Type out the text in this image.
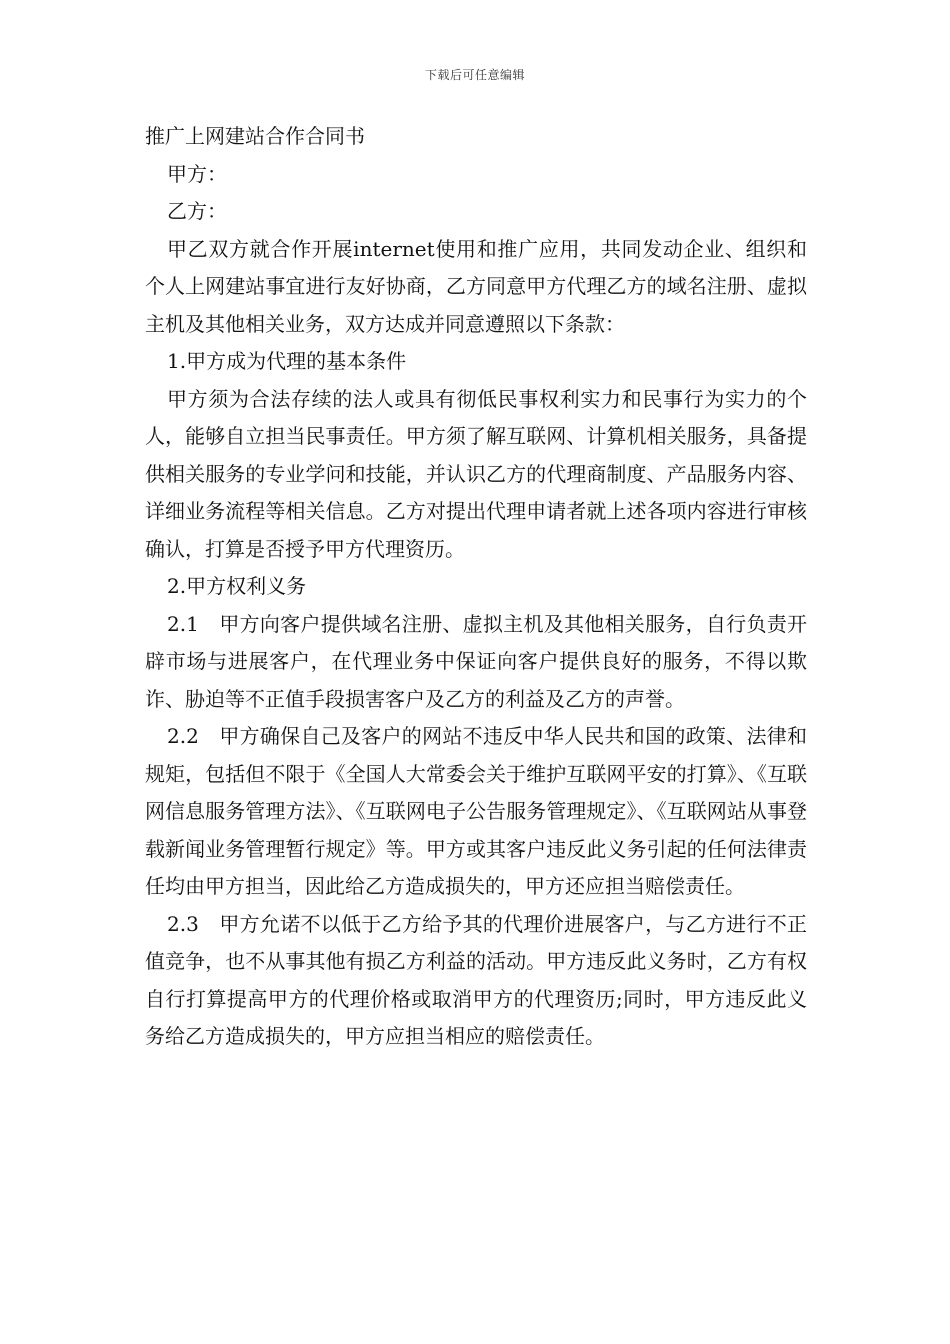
下载后可任意编辑

推广上网建站合作合同书

甲方：

乙方：

甲乙双方就合作开展internet使用和推广应用，共同发动企业、组织和个人上网建站事宜进行友好协商，乙方同意甲方代理乙方的域名注册、虚拟主机及其他相关业务，双方达成并同意遵照以下条款：

1.甲方成为代理的基本条件

甲方须为合法存续的法人或具有彻低民事权利实力和民事行为实力的个人，能够自立担当民事责任。甲方须了解互联网、计算机相关服务，具备提供相关服务的专业学问和技能，并认识乙方的代理商制度、产品服务内容、详细业务流程等相关信息。乙方对提出代理申请者就上述各项内容进行审核确认，打算是否授予甲方代理资历。

2.甲方权利义务

2.1　甲方向客户提供域名注册、虚拟主机及其他相关服务，自行负责开辟市场与进展客户，在代理业务中保证向客户提供良好的服务，不得以欺诈、胁迫等不正值手段损害客户及乙方的利益及乙方的声誉。

2.2　甲方确保自己及客户的网站不违反中华人民共和国的政策、法律和规矩，包括但不限于《全国人大常委会关于维护互联网平安的打算》、《互联网信息服务管理方法》、《互联网电子公告服务管理规定》、《互联网站从事登载新闻业务管理暂行规定》等。甲方或其客户违反此义务引起的任何法律责任均由甲方担当，因此给乙方造成损失的，甲方还应担当赔偿责任。

2.3　甲方允诺不以低于乙方给予其的代理价进展客户，与乙方进行不正值竞争，也不从事其他有损乙方利益的活动。甲方违反此义务时，乙方有权自行打算提高甲方的代理价格或取消甲方的代理资历;同时，甲方违反此义务给乙方造成损失的，甲方应担当相应的赔偿责任。
